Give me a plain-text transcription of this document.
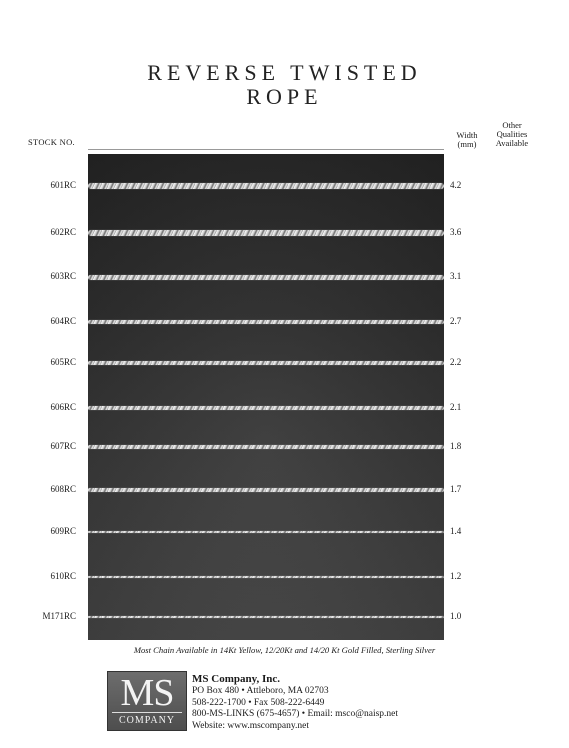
REVERSE TWISTED
ROPE
STOCK NO.
Width
(mm)
Other
Qualities
Available
601RC	4.2
602RC	3.6
603RC	3.1
604RC	2.7
605RC	2.2
606RC	2.1
607RC	1.8
608RC	1.7
609RC	1.4
610RC	1.2
M171RC	1.0
Most Chain Available in 14Kt Yellow, 12/20Kt and 14/20 Kt Gold Filled, Sterling Silver
MS
COMPANY
MS Company, Inc.
PO Box 480 • Attleboro, MA 02703
508-222-1700 • Fax 508-222-6449
800-MS-LINKS (675-4657) • Email: msco@naisp.net
Website: www.mscompany.net
